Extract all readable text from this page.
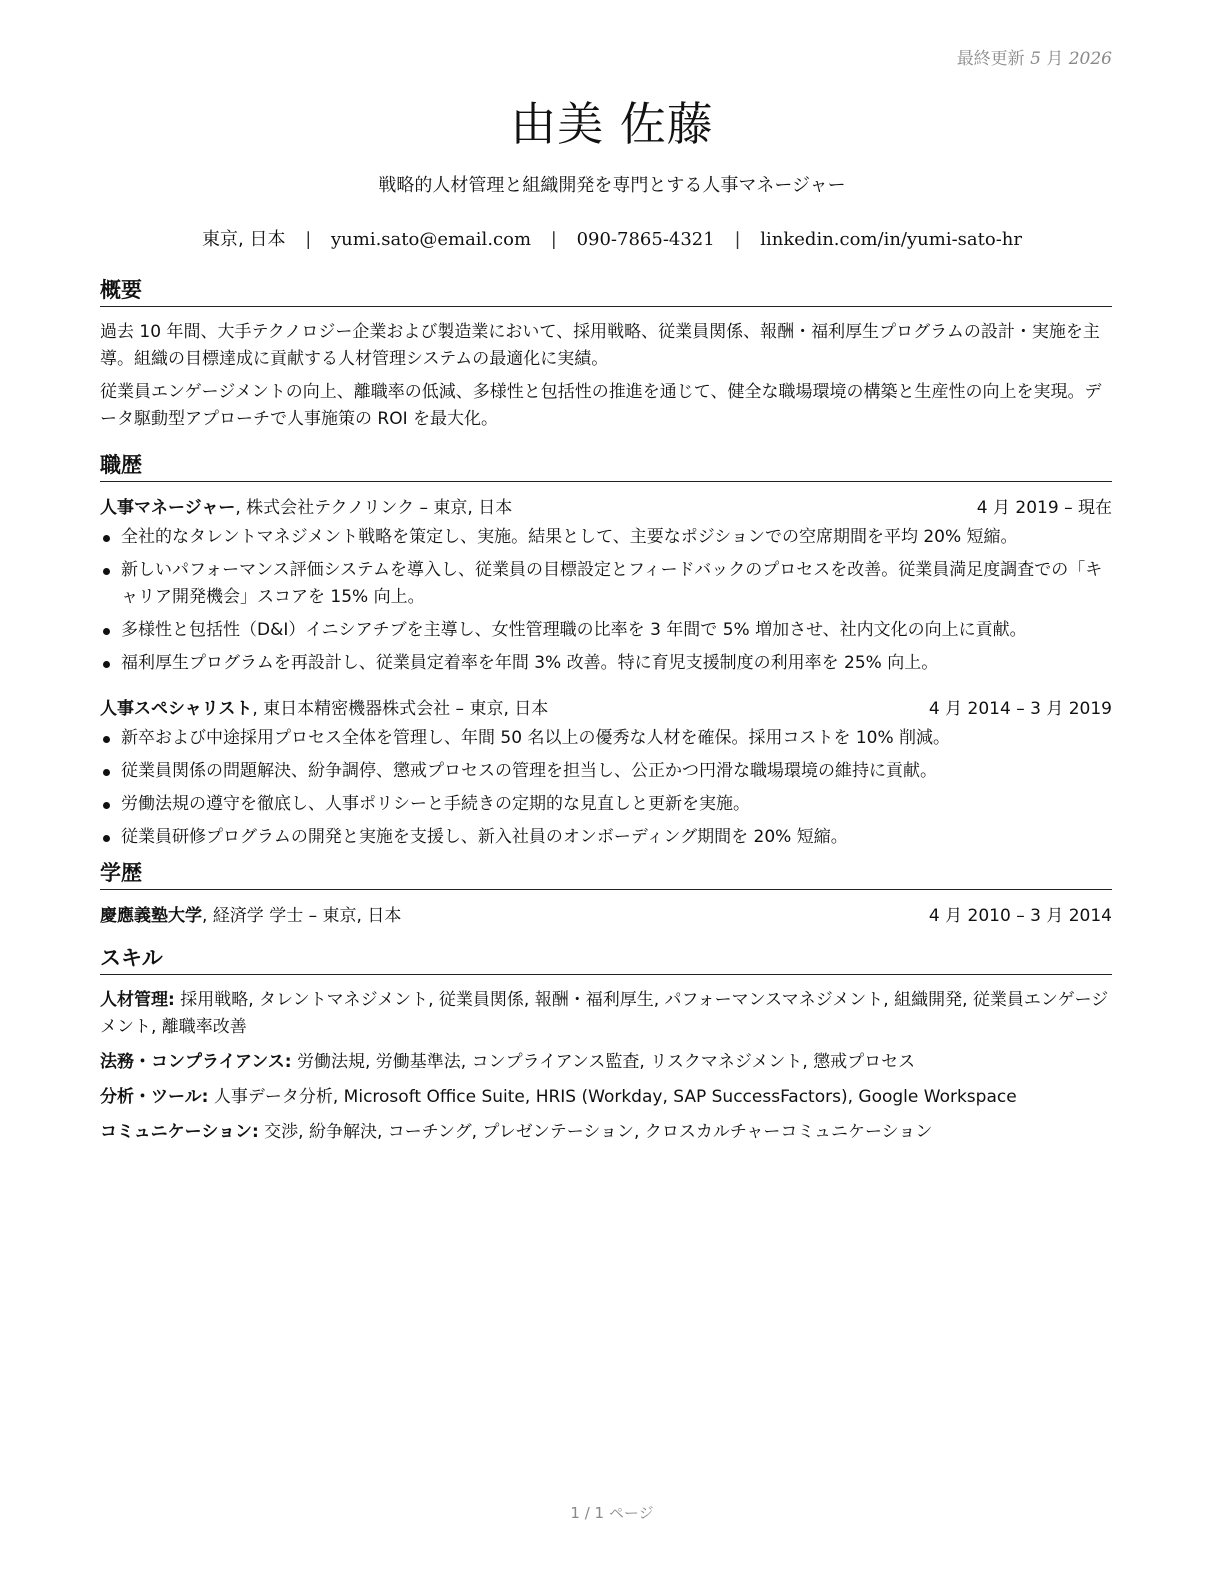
最終更新 5 月 2026
由美 佐藤
戦略的人材管理と組織開発を専門とする人事マネージャー
東京, 日本 | yumi.sato@email.com | 090-7865-4321 | linkedin.com/in/yumi-sato-hr
概要

過去 10 年間、大手テクノロジー企業および製造業において、採用戦略、従業員関係、報酬・福利厚生プログラムの設計・実施を主導。組織の目標達成に貢献する人材管理システムの最適化に実績。

従業員エンゲージメントの向上、離職率の低減、多様性と包括性の推進を通じて、健全な職場環境の構築と生産性の向上を実現。データ駆動型アプローチで人事施策の ROI を最大化。

職歴
人事マネージャー, 株式会社テクノリンク – 東京, 日本	4 月 2019 – 現在
全社的なタレントマネジメント戦略を策定し、実施。結果として、主要なポジションでの空席期間を平均 20% 短縮。
新しいパフォーマンス評価システムを導入し、従業員の目標設定とフィードバックのプロセスを改善。従業員満足度調査での「キャリア開発機会」スコアを 15% 向上。
多様性と包括性（D&I）イニシアチブを主導し、女性管理職の比率を 3 年間で 5% 増加させ、社内文化の向上に貢献。
福利厚生プログラムを再設計し、従業員定着率を年間 3% 改善。特に育児支援制度の利用率を 25% 向上。
人事スペシャリスト, 東日本精密機器株式会社 – 東京, 日本	4 月 2014 – 3 月 2019
新卒および中途採用プロセス全体を管理し、年間 50 名以上の優秀な人材を確保。採用コストを 10% 削減。
従業員関係の問題解決、紛争調停、懲戒プロセスの管理を担当し、公正かつ円滑な職場環境の維持に貢献。
労働法規の遵守を徹底し、人事ポリシーと手続きの定期的な見直しと更新を実施。
従業員研修プログラムの開発と実施を支援し、新入社員のオンボーディング期間を 20% 短縮。
学歴
慶應義塾大学, 経済学 学士 – 東京, 日本	4 月 2010 – 3 月 2014
スキル
人材管理: 採用戦略, タレントマネジメント, 従業員関係, 報酬・福利厚生, パフォーマンスマネジメント, 組織開発, 従業員エンゲージメント, 離職率改善
法務・コンプライアンス: 労働法規, 労働基準法, コンプライアンス監査, リスクマネジメント, 懲戒プロセス
分析・ツール: 人事データ分析, Microsoft Office Suite, HRIS (Workday, SAP SuccessFactors), Google Workspace
コミュニケーション: 交渉, 紛争解決, コーチング, プレゼンテーション, クロスカルチャーコミュニケーション
1 / 1 ページ
